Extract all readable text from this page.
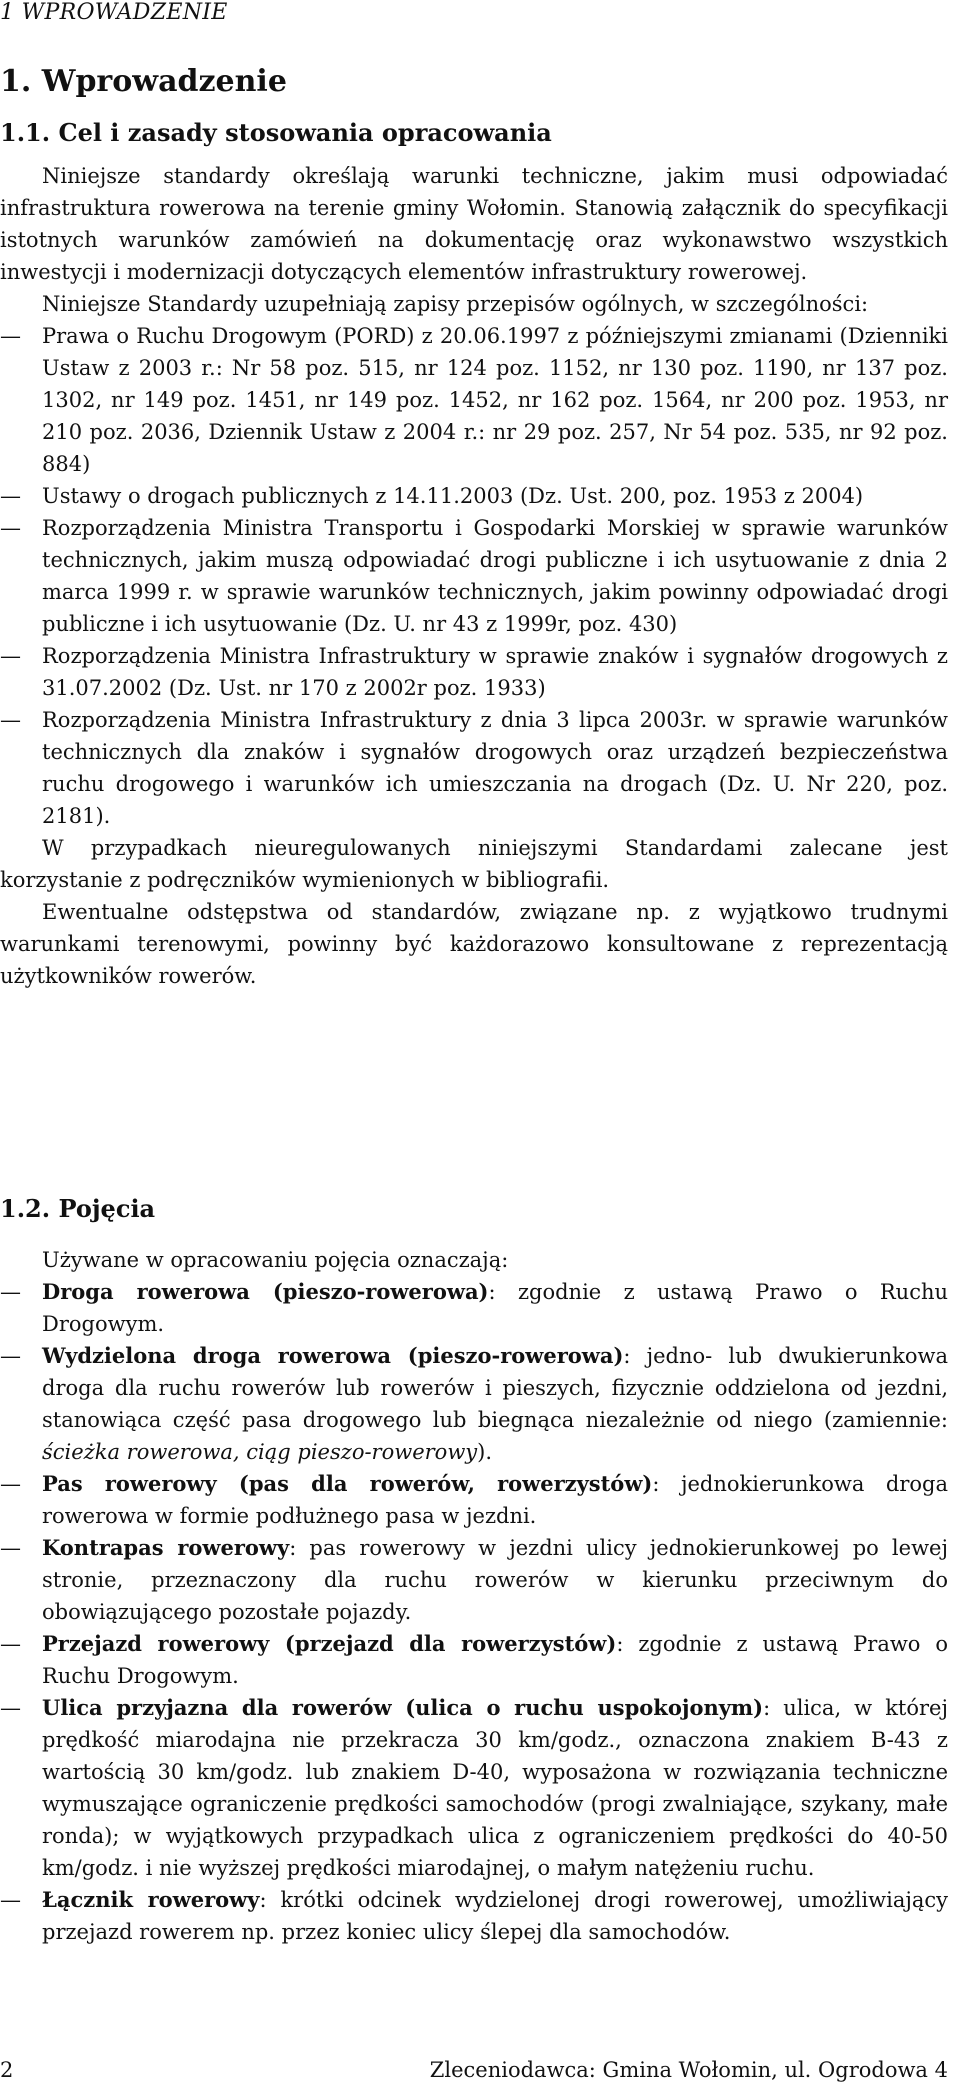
1 WPROWADZENIE
1. Wprowadzenie
1.1. Cel i zasady stosowania opracowania

Niniejsze standardy określają warunki techniczne, jakim musi odpowiadać infrastruktura rowerowa na terenie gminy Wołomin. Stanowią załącznik do specyfikacji istotnych warunków zamówień na dokumentację oraz wykonawstwo wszystkich inwestycji i modernizacji dotyczących elementów infrastruktury rowerowej.

Niniejsze Standardy uzupełniają zapisy przepisów ogólnych, w szczególności:

—	Prawa o Ruchu Drogowym (PORD) z 20.06.1997 z późniejszymi zmianami (Dzienniki Ustaw z 2003 r.: Nr 58 poz. 515, nr 124 poz. 1152, nr 130 poz. 1190, nr 137 poz. 1302, nr 149 poz. 1451, nr 149 poz. 1452, nr 162 poz. 1564, nr 200 poz. 1953, nr 210 poz. 2036, Dziennik Ustaw z 2004 r.: nr 29 poz. 257, Nr 54 poz. 535, nr 92 poz. 884)
—	Ustawy o drogach publicznych z 14.11.2003 (Dz. Ust. 200, poz. 1953 z 2004)
—	Rozporządzenia Ministra Transportu i Gospodarki Morskiej w sprawie warunków technicznych, jakim muszą odpowiadać drogi publiczne i ich usytuowanie z dnia 2 marca 1999 r. w sprawie warunków technicznych, jakim powinny odpowiadać drogi publiczne i ich usytuowanie (Dz. U. nr 43 z 1999r, poz. 430)
—	Rozporządzenia Ministra Infrastruktury w sprawie znaków i sygnałów drogowych z 31.07.2002 (Dz. Ust. nr 170 z 2002r poz. 1933)
—	Rozporządzenia Ministra Infrastruktury z dnia 3 lipca 2003r. w sprawie warunków technicznych dla znaków i sygnałów drogowych oraz urządzeń bezpieczeństwa ruchu drogowego i warunków ich umieszczania na drogach (Dz. U. Nr 220, poz. 2181).

W przypadkach nieuregulowanych niniejszymi Standardami zalecane jest korzystanie z podręczników wymienionych w bibliografii.

Ewentualne odstępstwa od standardów, związane np. z wyjątkowo trudnymi warunkami terenowymi, powinny być każdorazowo konsultowane z reprezentacją użytkowników rowerów.

1.2. Pojęcia

Używane w opracowaniu pojęcia oznaczają:

—	Droga rowerowa (pieszo-rowerowa): zgodnie z ustawą Prawo o Ruchu Drogowym.
—	Wydzielona droga rowerowa (pieszo-rowerowa): jedno- lub dwukierunkowa droga dla ruchu rowerów lub rowerów i pieszych, fizycznie oddzielona od jezdni, stanowiąca część pasa drogowego lub biegnąca niezależnie od niego (zamiennie: ścieżka rowerowa, ciąg pieszo-rowerowy).
—	Pas rowerowy (pas dla rowerów, rowerzystów): jednokierunkowa droga rowerowa w formie podłużnego pasa w jezdni.
—	Kontrapas rowerowy: pas rowerowy w jezdni ulicy jednokierunkowej po lewej stronie, przeznaczony dla ruchu rowerów w kierunku przeciwnym do obowiązującego pozostałe pojazdy.
—	Przejazd rowerowy (przejazd dla rowerzystów): zgodnie z ustawą Prawo o Ruchu Drogowym.
—	Ulica przyjazna dla rowerów (ulica o ruchu uspokojonym): ulica, w której prędkość miarodajna nie przekracza 30 km/godz., oznaczona znakiem B-43 z wartością 30 km/godz. lub znakiem D-40, wyposażona w rozwiązania techniczne wymuszające ograniczenie prędkości samochodów (progi zwalniające, szykany, małe ronda); w wyjątkowych przypadkach ulica z ograniczeniem prędkości do 40-50 km/godz. i nie wyższej prędkości miarodajnej, o małym natężeniu ruchu.
—	Łącznik rowerowy: krótki odcinek wydzielonej drogi rowerowej, umożliwiający przejazd rowerem np. przez koniec ulicy ślepej dla samochodów.
2	Zleceniodawca: Gmina Wołomin, ul. Ogrodowa 4
